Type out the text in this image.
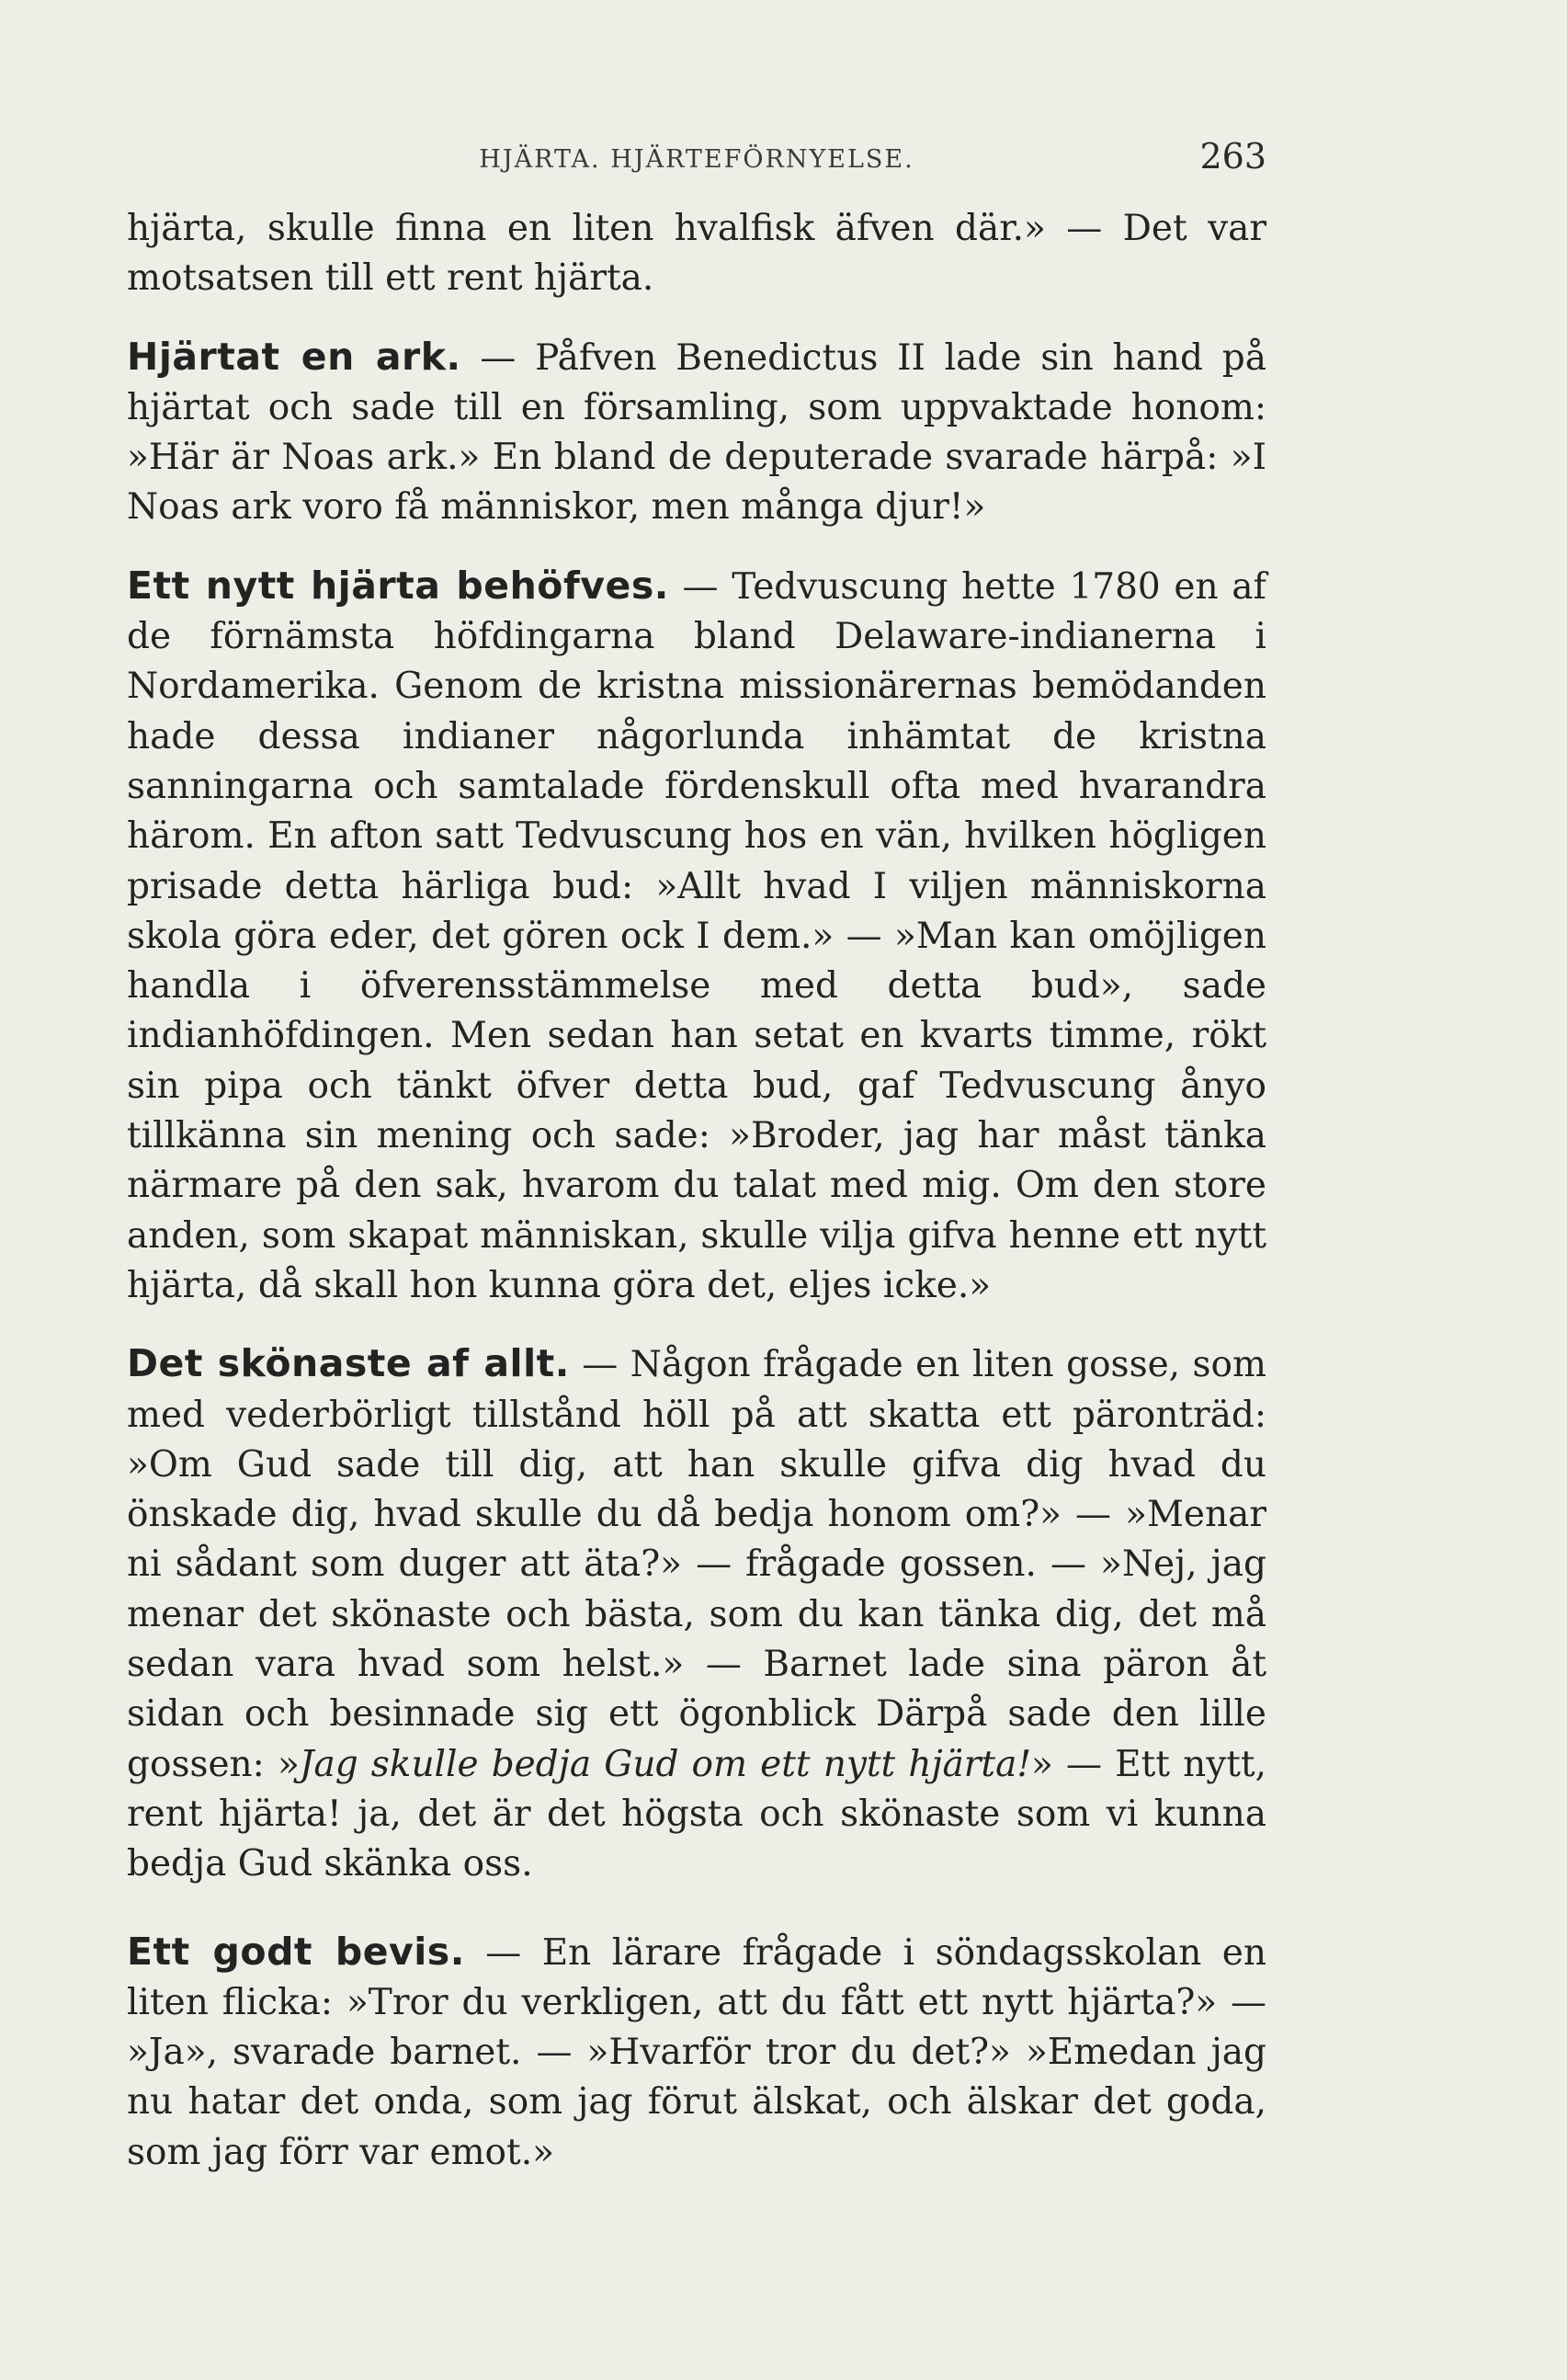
HJÄRTA. HJÄRTEFÖRNYELSE.	263

hjärta, skulle finna en liten hvalfisk äfven där.» — Det var motsatsen till ett rent hjärta.

Hjärtat en ark. — Påfven Benedictus II lade sin hand på hjärtat och sade till en församling, som uppvaktade honom: »Här är Noas ark.» En bland de deputerade svarade härpå: »I Noas ark voro få människor, men många djur!»

Ett nytt hjärta behöfves. — Tedvuscung hette 1780 en af de förnämsta höfdingarna bland Delaware-indianerna i Nordamerika. Genom de kristna missionärernas bemödanden hade dessa indianer någorlunda inhämtat de kristna sanningarna och samtalade fördenskull ofta med hvarandra härom. En afton satt Tedvuscung hos en vän, hvilken högligen prisade detta härliga bud: »Allt hvad I viljen människorna skola göra eder, det gören ock I dem.» — »Man kan omöjligen handla i öfverensstämmelse med detta bud», sade indianhöfdingen. Men sedan han setat en kvarts timme, rökt sin pipa och tänkt öfver detta bud, gaf Tedvuscung ånyo tillkänna sin mening och sade: »Broder, jag har måst tänka närmare på den sak, hvarom du talat med mig. Om den store anden, som skapat människan, skulle vilja gifva henne ett nytt hjärta, då skall hon kunna göra det, eljes icke.»

Det skönaste af allt. — Någon frågade en liten gosse, som med vederbörligt tillstånd höll på att skatta ett päronträd: »Om Gud sade till dig, att han skulle gifva dig hvad du önskade dig, hvad skulle du då bedja honom om?» — »Menar ni sådant som duger att äta?» — frågade gossen. — »Nej, jag menar det skönaste och bästa, som du kan tänka dig, det må sedan vara hvad som helst.» — Barnet lade sina päron åt sidan och besinnade sig ett ögonblick Därpå sade den lille gossen: »Jag skulle bedja Gud om ett nytt hjärta!» — Ett nytt, rent hjärta! ja, det är det högsta och skönaste som vi kunna bedja Gud skänka oss.

Ett godt bevis. — En lärare frågade i söndagsskolan en liten flicka: »Tror du verkligen, att du fått ett nytt hjärta?» — »Ja», svarade barnet. — »Hvarför tror du det?» »Emedan jag nu hatar det onda, som jag förut älskat, och älskar det goda, som jag förr var emot.»
